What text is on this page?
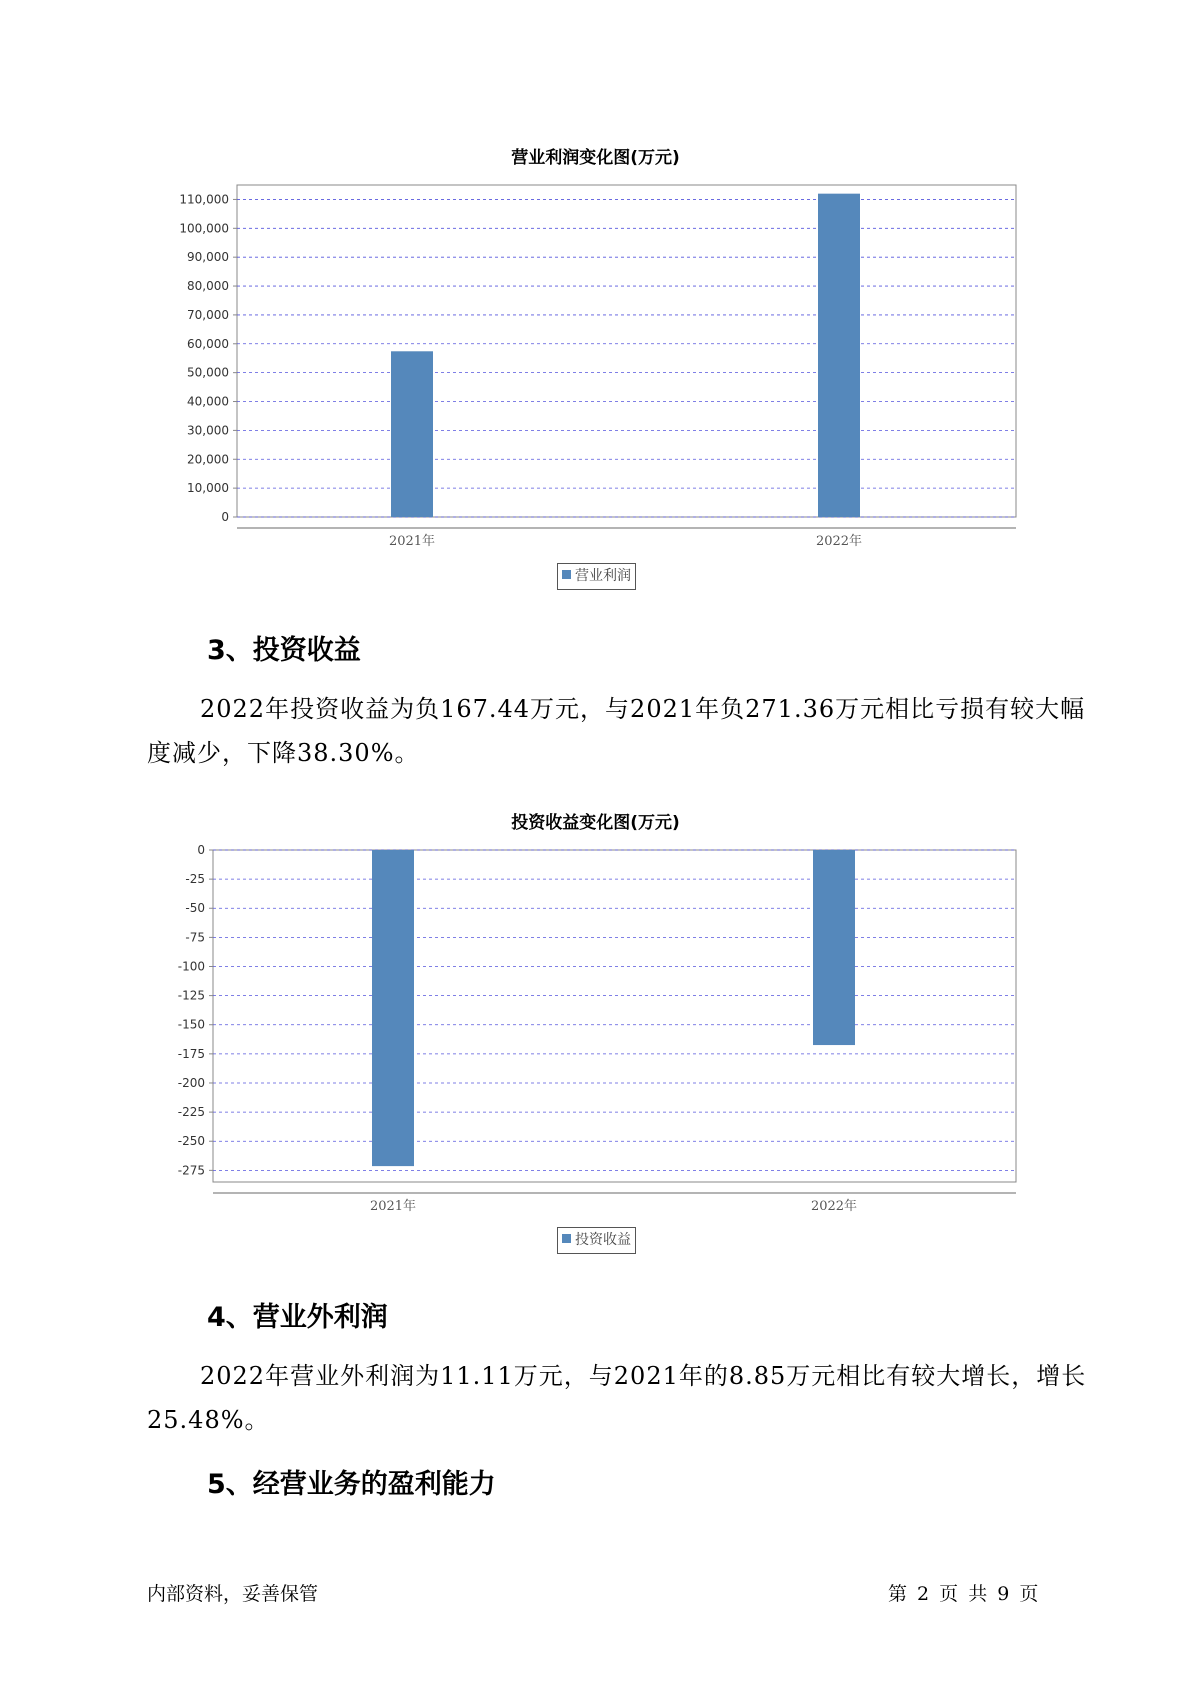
营业利润变化图(万元)
0
10,000
20,000
30,000
40,000
50,000
60,000
70,000
80,000
90,000
100,000
110,000
2021年	2022年
营业利润
3、投资收益
2022年投资收益为负167.44万元，与2021年负271.36万元相比亏损有较大幅度减少，下降38.30%。
投资收益变化图(万元)
0
-25
-50
-75
-100
-125
-150
-175
-200
-225
-250
-275
2021年	2022年
投资收益
4、营业外利润
2022年营业外利润为11.11万元，与2021年的8.85万元相比有较大增长，增长25.48%。
5、经营业务的盈利能力
内部资料，妥善保管	第 2 页 共 9 页
